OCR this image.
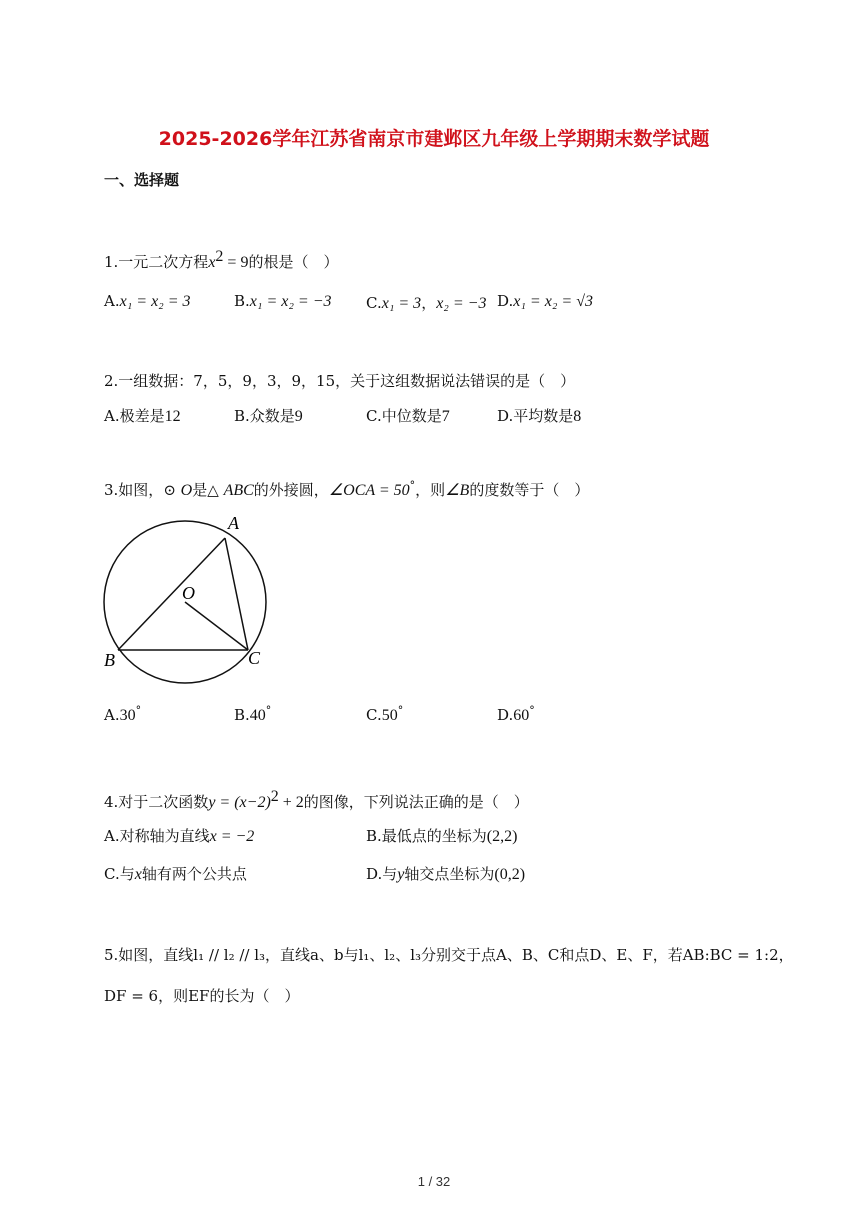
2025-2026学年江苏省南京市建邺区九年级上学期期末数学试题
一、选择题
1.一元二次方程$x^2 = 9$的根是（　）
A.x₁ = x₂ = 3	B.x₁ = x₂ = −3 C.x₁ = 3，x₂ = −3 D.x₁ = x₂ = √3
2.一组数据：7，5，9，3，9，15，关于这组数据说法错误的是（　）
A.极差是12	B.众数是9	C.中位数是7	D.平均数是8
3.如图，⊙ O是△ ABC的外接圆，∠OCA = 50°，则∠B的度数等于（　）
A
O
B	C
A.30°	B.40°	C.50°	D.60°
4.对于二次函数$y = (x-2)^2 + 2$的图像，下列说法正确的是（　）
A.对称轴为直线x = −2	B.最低点的坐标为(2,2)
C.与x轴有两个公共点	D.与y轴交点坐标为(0,2)
5.如图，直线l₁ // l₂ // l₃，直线a、b与l₁、l₂、l₃分别交于点A、B、C和点D、E、F，若AB:BC = 1:2，
DF = 6，则EF的长为（　）
1 / 32
